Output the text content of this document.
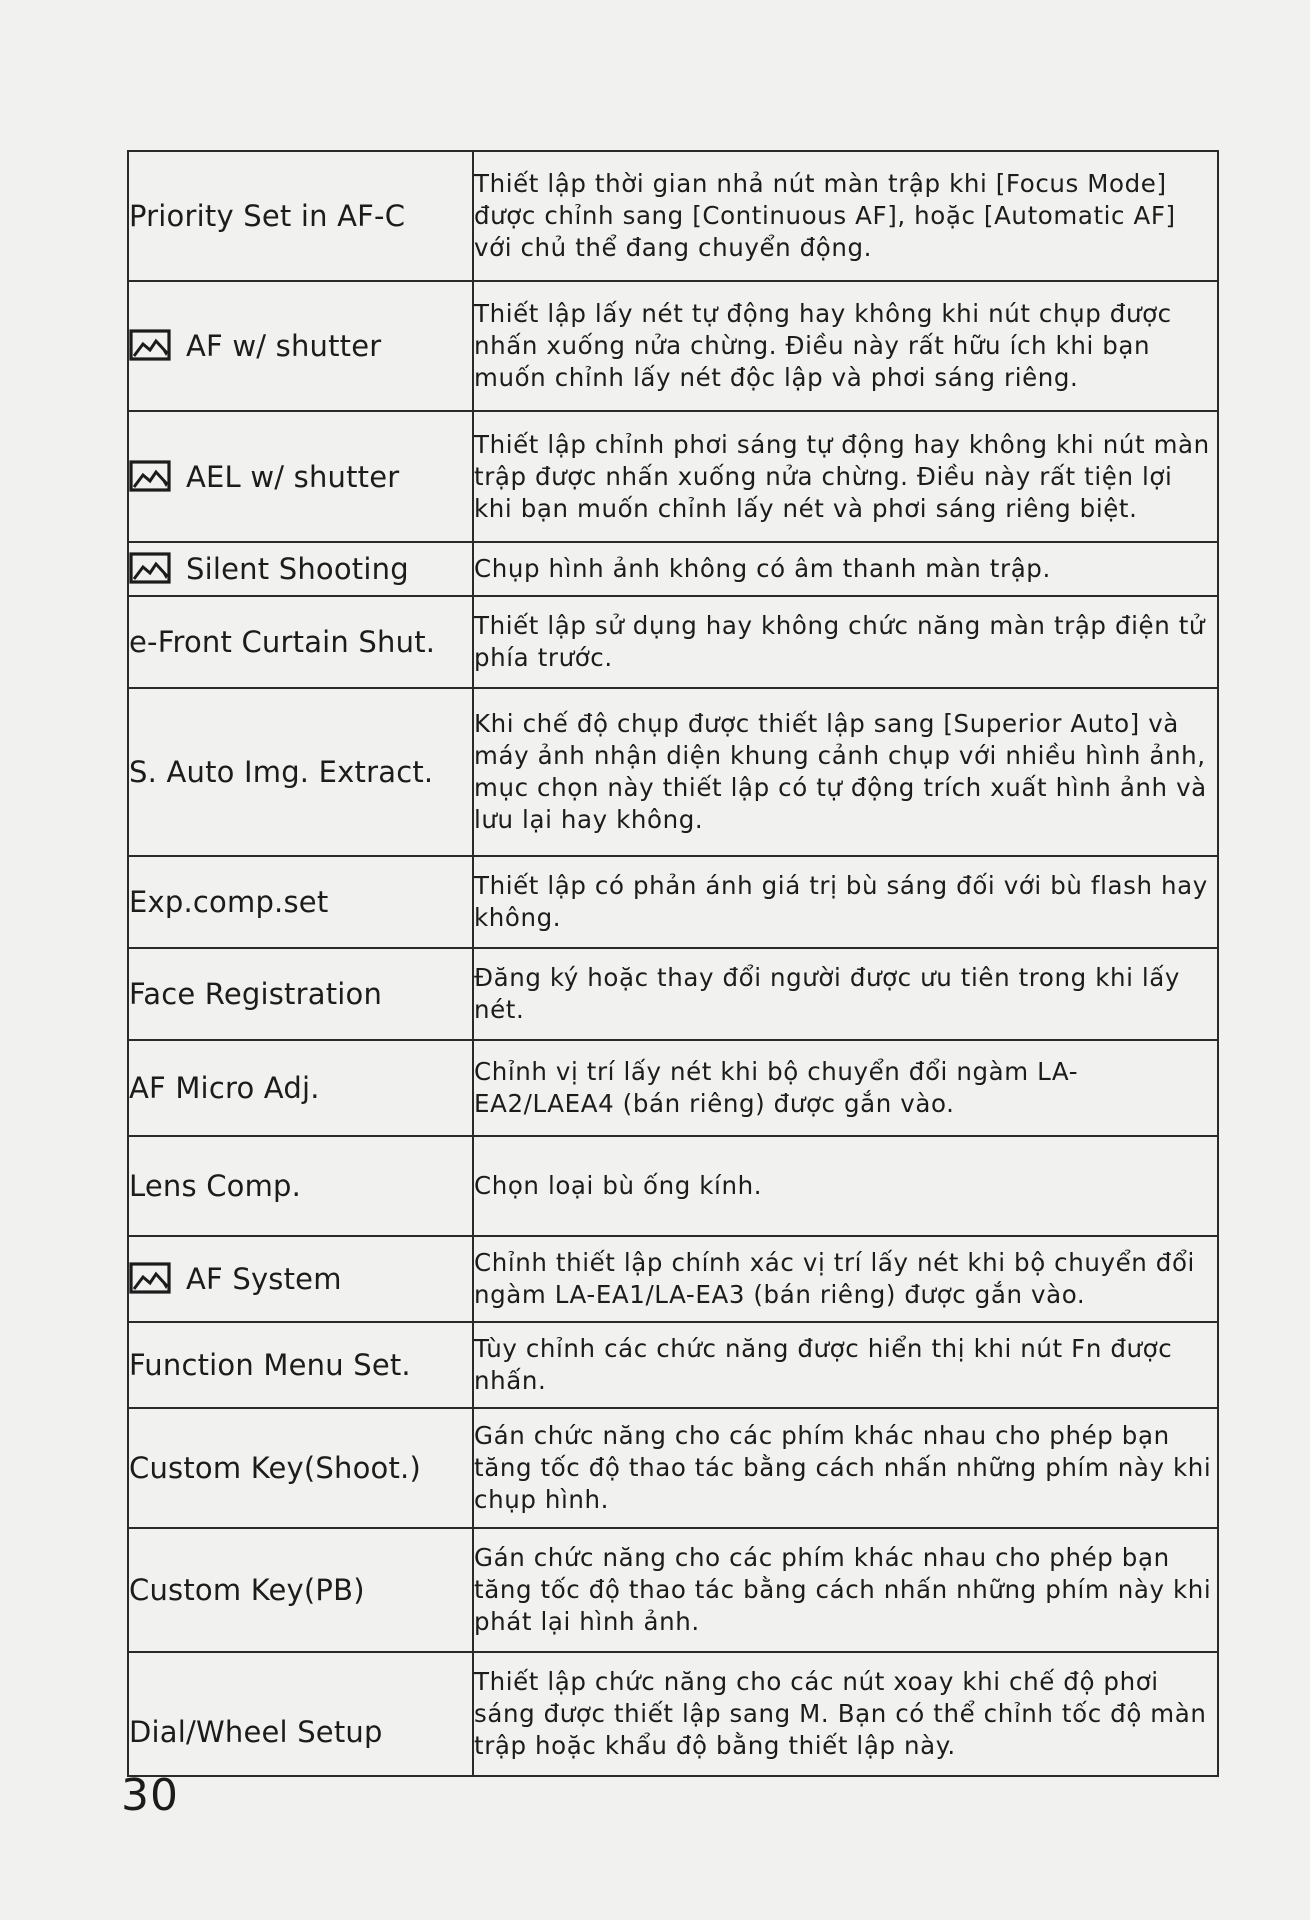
Priority Set in AF-C	Thiết lập thời gian nhả nút màn trập khi [Focus Mode] được chỉnh sang [Continuous AF], hoặc [Automatic AF] với chủ thể đang chuyển động.

AF w/ shutter	Thiết lập lấy nét tự động hay không khi nút chụp được nhấn xuống nửa chừng. Điều này rất hữu ích khi bạn muốn chỉnh lấy nét độc lập và phơi sáng riêng.

AEL w/ shutter	Thiết lập chỉnh phơi sáng tự động hay không khi nút màn trập được nhấn xuống nửa chừng. Điều này rất tiện lợi khi bạn muốn chỉnh lấy nét và phơi sáng riêng biệt.

Silent Shooting	Chụp hình ảnh không có âm thanh màn trập.

e-Front Curtain Shut.	Thiết lập sử dụng hay không chức năng màn trập điện tử phía trước.

S. Auto Img. Extract.	Khi chế độ chụp được thiết lập sang [Superior Auto] và máy ảnh nhận diện khung cảnh chụp với nhiều hình ảnh, mục chọn này thiết lập có tự động trích xuất hình ảnh và lưu lại hay không.

Exp.comp.set	Thiết lập có phản ánh giá trị bù sáng đối với bù flash hay không.

Face Registration	Đăng ký hoặc thay đổi người được ưu tiên trong khi lấy nét.

AF Micro Adj.	Chỉnh vị trí lấy nét khi bộ chuyển đổi ngàm LA-EA2/LAEA4 (bán riêng) được gắn vào.

Lens Comp.	Chọn loại bù ống kính.

AF System	Chỉnh thiết lập chính xác vị trí lấy nét khi bộ chuyển đổi ngàm LA-EA1/LA-EA3 (bán riêng) được gắn vào.

Function Menu Set.	Tùy chỉnh các chức năng được hiển thị khi nút Fn được nhấn.

Custom Key(Shoot.)	Gán chức năng cho các phím khác nhau cho phép bạn tăng tốc độ thao tác bằng cách nhấn những phím này khi chụp hình.

Custom Key(PB)	Gán chức năng cho các phím khác nhau cho phép bạn tăng tốc độ thao tác bằng cách nhấn những phím này khi phát lại hình ảnh.

Dial/Wheel Setup	Thiết lập chức năng cho các nút xoay khi chế độ phơi sáng được thiết lập sang M. Bạn có thể chỉnh tốc độ màn trập hoặc khẩu độ bằng thiết lập này.
30
